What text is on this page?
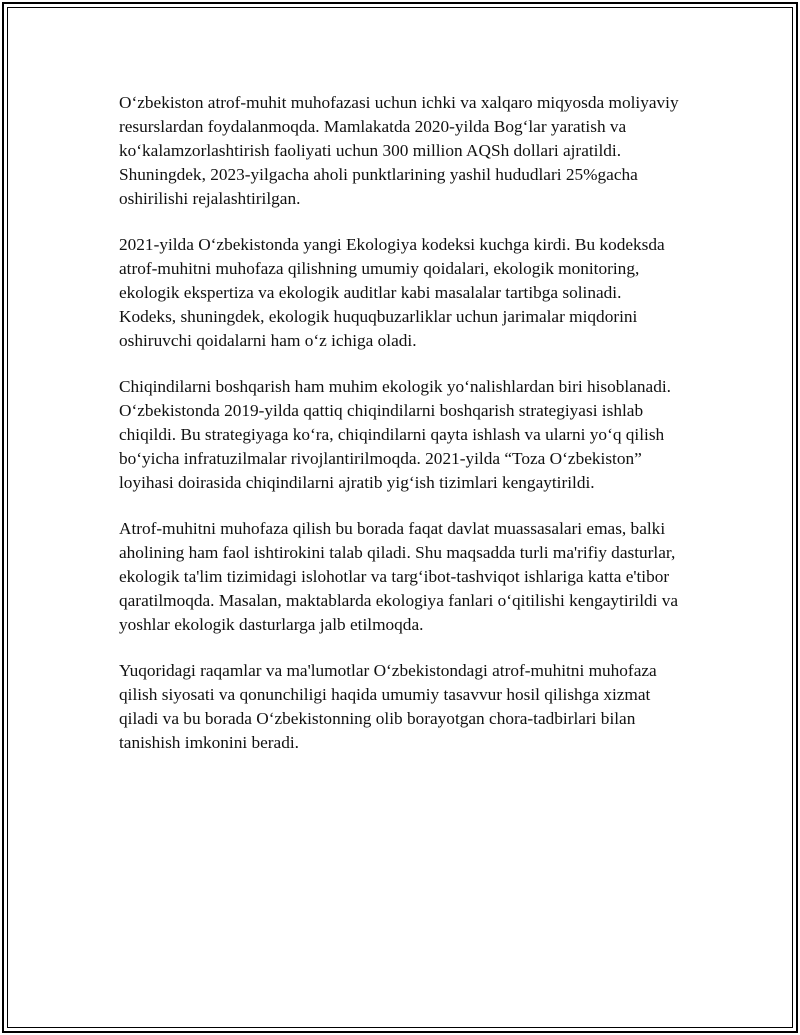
O‘zbekiston atrof-muhit muhofazasi uchun ichki va xalqaro miqyosda moliyaviy resurslardan foydalanmoqda. Mamlakatda 2020-yilda Bog‘lar yaratish va ko‘kalamzorlashtirish faoliyati uchun 300 million AQSh dollari ajratildi. Shuningdek, 2023-yilgacha aholi punktlarining yashil hududlari 25%gacha oshirilishi rejalashtirilgan.

2021-yilda O‘zbekistonda yangi Ekologiya kodeksi kuchga kirdi. Bu kodeksda atrof-muhitni muhofaza qilishning umumiy qoidalari, ekologik monitoring, ekologik ekspertiza va ekologik auditlar kabi masalalar tartibga solinadi. Kodeks, shuningdek, ekologik huquqbuzarliklar uchun jarimalar miqdorini oshiruvchi qoidalarni ham o‘z ichiga oladi.

Chiqindilarni boshqarish ham muhim ekologik yo‘nalishlardan biri hisoblanadi. O‘zbekistonda 2019-yilda qattiq chiqindilarni boshqarish strategiyasi ishlab chiqildi. Bu strategiyaga ko‘ra, chiqindilarni qayta ishlash va ularni yo‘q qilish bo‘yicha infratuzilmalar rivojlantirilmoqda. 2021-yilda “Toza O‘zbekiston” loyihasi doirasida chiqindilarni ajratib yig‘ish tizimlari kengaytirildi.

Atrof-muhitni muhofaza qilish bu borada faqat davlat muassasalari emas, balki aholining ham faol ishtirokini talab qiladi. Shu maqsadda turli ma'rifiy dasturlar, ekologik ta'lim tizimidagi islohotlar va targ‘ibot-tashviqot ishlariga katta e'tibor qaratilmoqda. Masalan, maktablarda ekologiya fanlari o‘qitilishi kengaytirildi va yoshlar ekologik dasturlarga jalb etilmoqda.

Yuqoridagi raqamlar va ma'lumotlar O‘zbekistondagi atrof-muhitni muhofaza qilish siyosati va qonunchiligi haqida umumiy tasavvur hosil qilishga xizmat qiladi va bu borada O‘zbekistonning olib borayotgan chora-tadbirlari bilan tanishish imkonini beradi.
